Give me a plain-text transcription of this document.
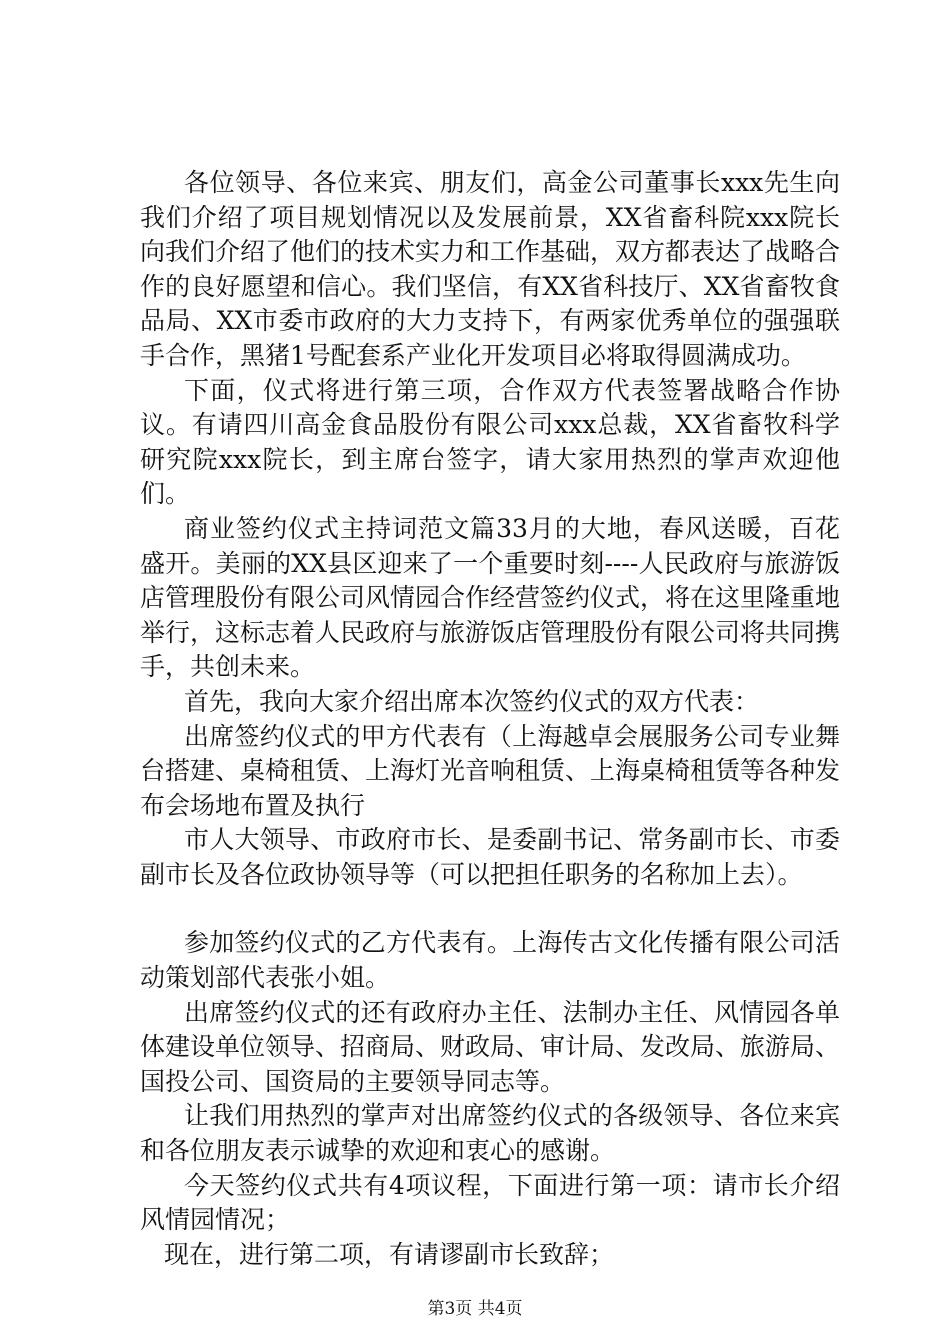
各位领导、各位来宾、朋友们，高金公司董事长xxx先生向我们介绍了项目规划情况以及发展前景，XX省畜科院xxx院长向我们介绍了他们的技术实力和工作基础，双方都表达了战略合作的良好愿望和信心。我们坚信，有XX省科技厅、XX省畜牧食品局、XX市委市政府的大力支持下，有两家优秀单位的强强联手合作，黑猪1号配套系产业化开发项目必将取得圆满成功。

下面，仪式将进行第三项，合作双方代表签署战略合作协议。有请四川高金食品股份有限公司xxx总裁，XX省畜牧科学研究院xxx院长，到主席台签字，请大家用热烈的掌声欢迎他们。

商业签约仪式主持词范文篇33月的大地，春风送暖，百花盛开。美丽的XX县区迎来了一个重要时刻----人民政府与旅游饭店管理股份有限公司风情园合作经营签约仪式，将在这里隆重地举行，这标志着人民政府与旅游饭店管理股份有限公司将共同携手，共创未来。

首先，我向大家介绍出席本次签约仪式的双方代表：

出席签约仪式的甲方代表有（上海越卓会展服务公司专业舞台搭建、桌椅租赁、上海灯光音响租赁、上海桌椅租赁等各种发布会场地布置及执行

市人大领导、市政府市长、是委副书记、常务副市长、市委副市长及各位政协领导等（可以把担任职务的名称加上去）。

参加签约仪式的乙方代表有。上海传古文化传播有限公司活动策划部代表张小姐。

出席签约仪式的还有政府办主任、法制办主任、风情园各单体建设单位领导、招商局、财政局、审计局、发改局、旅游局、国投公司、国资局的主要领导同志等。

让我们用热烈的掌声对出席签约仪式的各级领导、各位来宾和各位朋友表示诚挚的欢迎和衷心的感谢。

今天签约仪式共有4项议程，下面进行第一项：请市长介绍风情园情况；

现在，进行第二项，有请谬副市长致辞；

第3页 共4页
